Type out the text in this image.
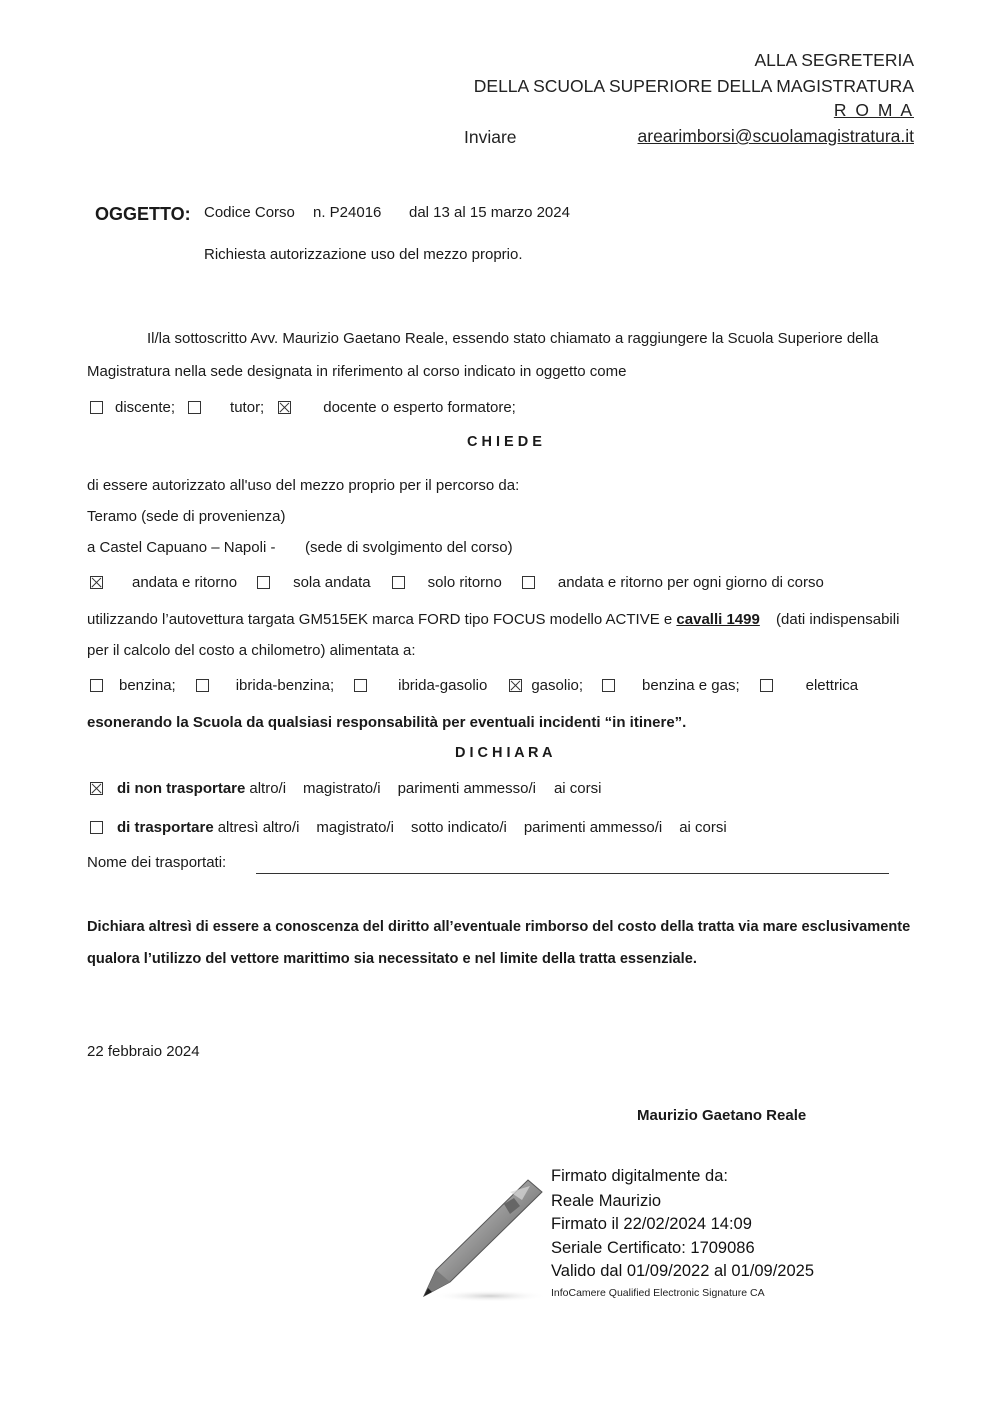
ALLA SEGRETERIA
DELLA SCUOLA SUPERIORE DELLA MAGISTRATURA
R O M A
Inviare	arearimborsi@scuolamagistratura.it
OGGETTO: Codice Corso n. P24016 dal 13 al 15 marzo 2024
Richiesta autorizzazione uso del mezzo proprio.
Il/la sottoscritto Avv. Maurizio Gaetano Reale, essendo stato chiamato a raggiungere la Scuola Superiore della
Magistratura nella sede designata in riferimento al corso indicato in oggetto come
discente;	tutor;	docente o esperto formatore;
C H I E D E
di essere autorizzato all'uso del mezzo proprio per il percorso da:
Teramo (sede di provenienza)
a Castel Capuano – Napoli - (sede di svolgimento del corso)
andata e ritorno	sola andata	solo ritorno	andata e ritorno per ogni giorno di corso
utilizzando l’autovettura targata GM515EK marca FORD tipo FOCUS modello ACTIVE e cavalli 1499 (dati indispensabili
per il calcolo del costo a chilometro) alimentata a:
benzina;	ibrida-benzina;	ibrida-gasolio	gasolio;	benzina e gas;	elettrica
esonerando la Scuola da qualsiasi responsabilità per eventuali incidenti “in itinere”.
D I C H I A R A
di non trasportare altro/i magistrato/i parimenti ammesso/i ai corsi
di trasportare altresì altro/i magistrato/i sotto indicato/i parimenti ammesso/i ai corsi
Nome dei trasportati:
Dichiara altresì di essere a conoscenza del diritto all’eventuale rimborso del costo della tratta via mare esclusivamente
qualora l’utilizzo del vettore marittimo sia necessitato e nel limite della tratta essenziale.
22 febbraio 2024
Maurizio Gaetano Reale
Firmato digitalmente da:
Reale Maurizio
Firmato il 22/02/2024 14:09
Seriale Certificato: 1709086
Valido dal 01/09/2022 al 01/09/2025
InfoCamere Qualified Electronic Signature CA
